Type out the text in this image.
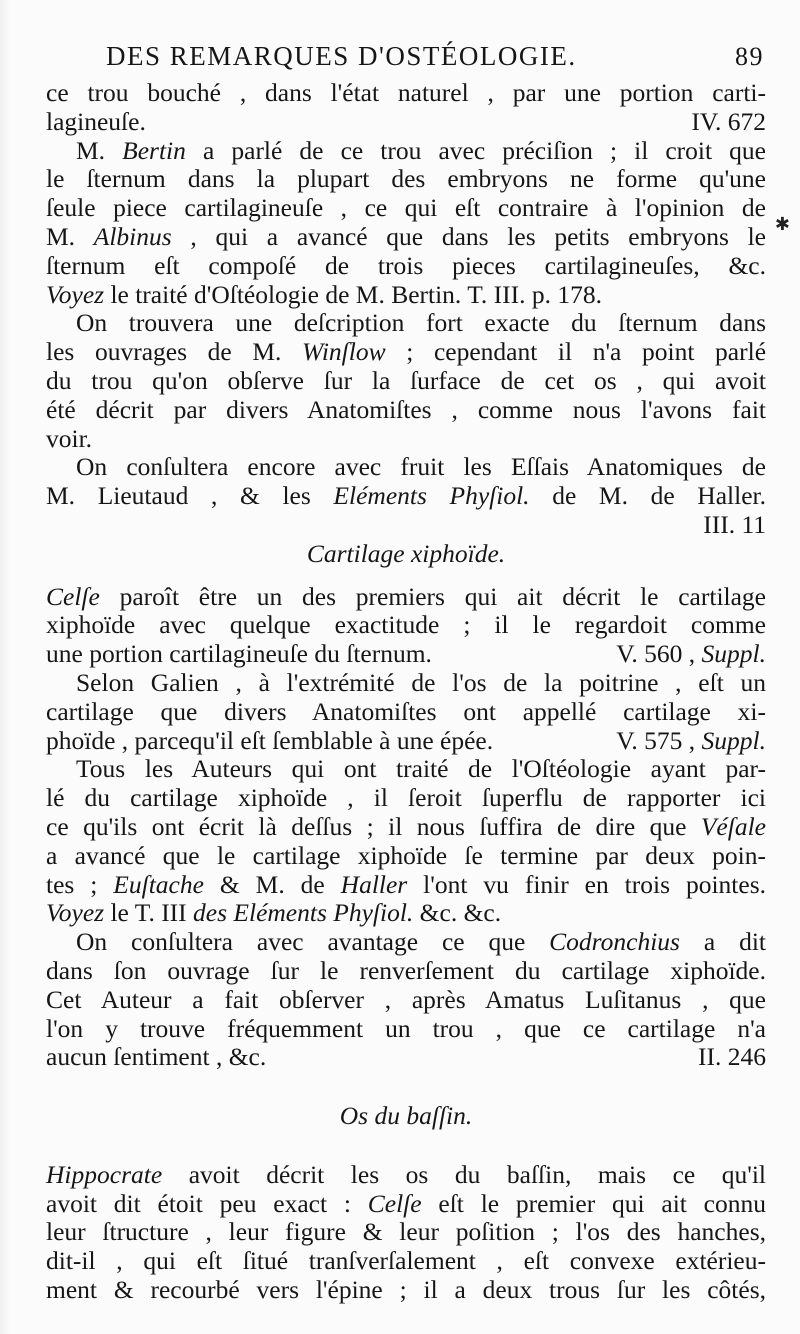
✱
DES REMARQUES D'OSTÉOLOGIE.	89
ce trou bouché , dans l'état naturel , par une portion carti-
lagineuſe.	IV. 672
M. Bertin a parlé de ce trou avec préciſion ; il croit que
le ſternum dans la plupart des embryons ne forme qu'une
ſeule piece cartilagineuſe , ce qui eſt contraire à l'opinion de
M. Albinus , qui a avancé que dans les petits embryons le
ſternum eſt compoſé de trois pieces cartilagineuſes, &c.
Voyez le traité d'Oſtéologie de M. Bertin. T. III. p. 178.
On trouvera une deſcription fort exacte du ſternum dans
les ouvrages de M. Winſlow ; cependant il n'a point parlé
du trou qu'on obſerve ſur la ſurface de cet os , qui avoit
été décrit par divers Anatomiſtes , comme nous l'avons fait
voir.
On conſultera encore avec fruit les Eſſais Anatomiques de
M. Lieutaud , & les Eléments Phyſiol. de M. de Haller.
III. 11
Cartilage xiphoïde.
Celſe paroît être un des premiers qui ait décrit le cartilage
xiphoïde avec quelque exactitude ; il le regardoit comme
une portion cartilagineuſe du ſternum.	V. 560 , Suppl.
Selon Galien , à l'extrémité de l'os de la poitrine , eſt un
cartilage que divers Anatomiſtes ont appellé cartilage xi-
phoïde , parcequ'il eſt ſemblable à une épée.	V. 575 , Suppl.
Tous les Auteurs qui ont traité de l'Oſtéologie ayant par-
lé du cartilage xiphoïde , il ſeroit ſuperflu de rapporter ici
ce qu'ils ont écrit là deſſus ; il nous ſuffira de dire que Véſale
a avancé que le cartilage xiphoïde ſe termine par deux poin-
tes ; Euſtache & M. de Haller l'ont vu finir en trois pointes.
Voyez le T. III des Eléments Phyſiol. &c. &c.
On conſultera avec avantage ce que Codronchius a dit
dans ſon ouvrage ſur le renverſement du cartilage xiphoïde.
Cet Auteur a fait obſerver , après Amatus Luſitanus , que
l'on y trouve fréquemment un trou , que ce cartilage n'a
aucun ſentiment , &c.	II. 246
Os du baſſin.
Hippocrate avoit décrit les os du baſſin, mais ce qu'il
avoit dit étoit peu exact : Celſe eſt le premier qui ait connu
leur ſtructure , leur figure & leur poſition ; l'os des hanches,
dit-il , qui eſt ſitué tranſverſalement , eſt convexe extérieu-
ment & recourbé vers l'épine ; il a deux trous ſur les côtés,
